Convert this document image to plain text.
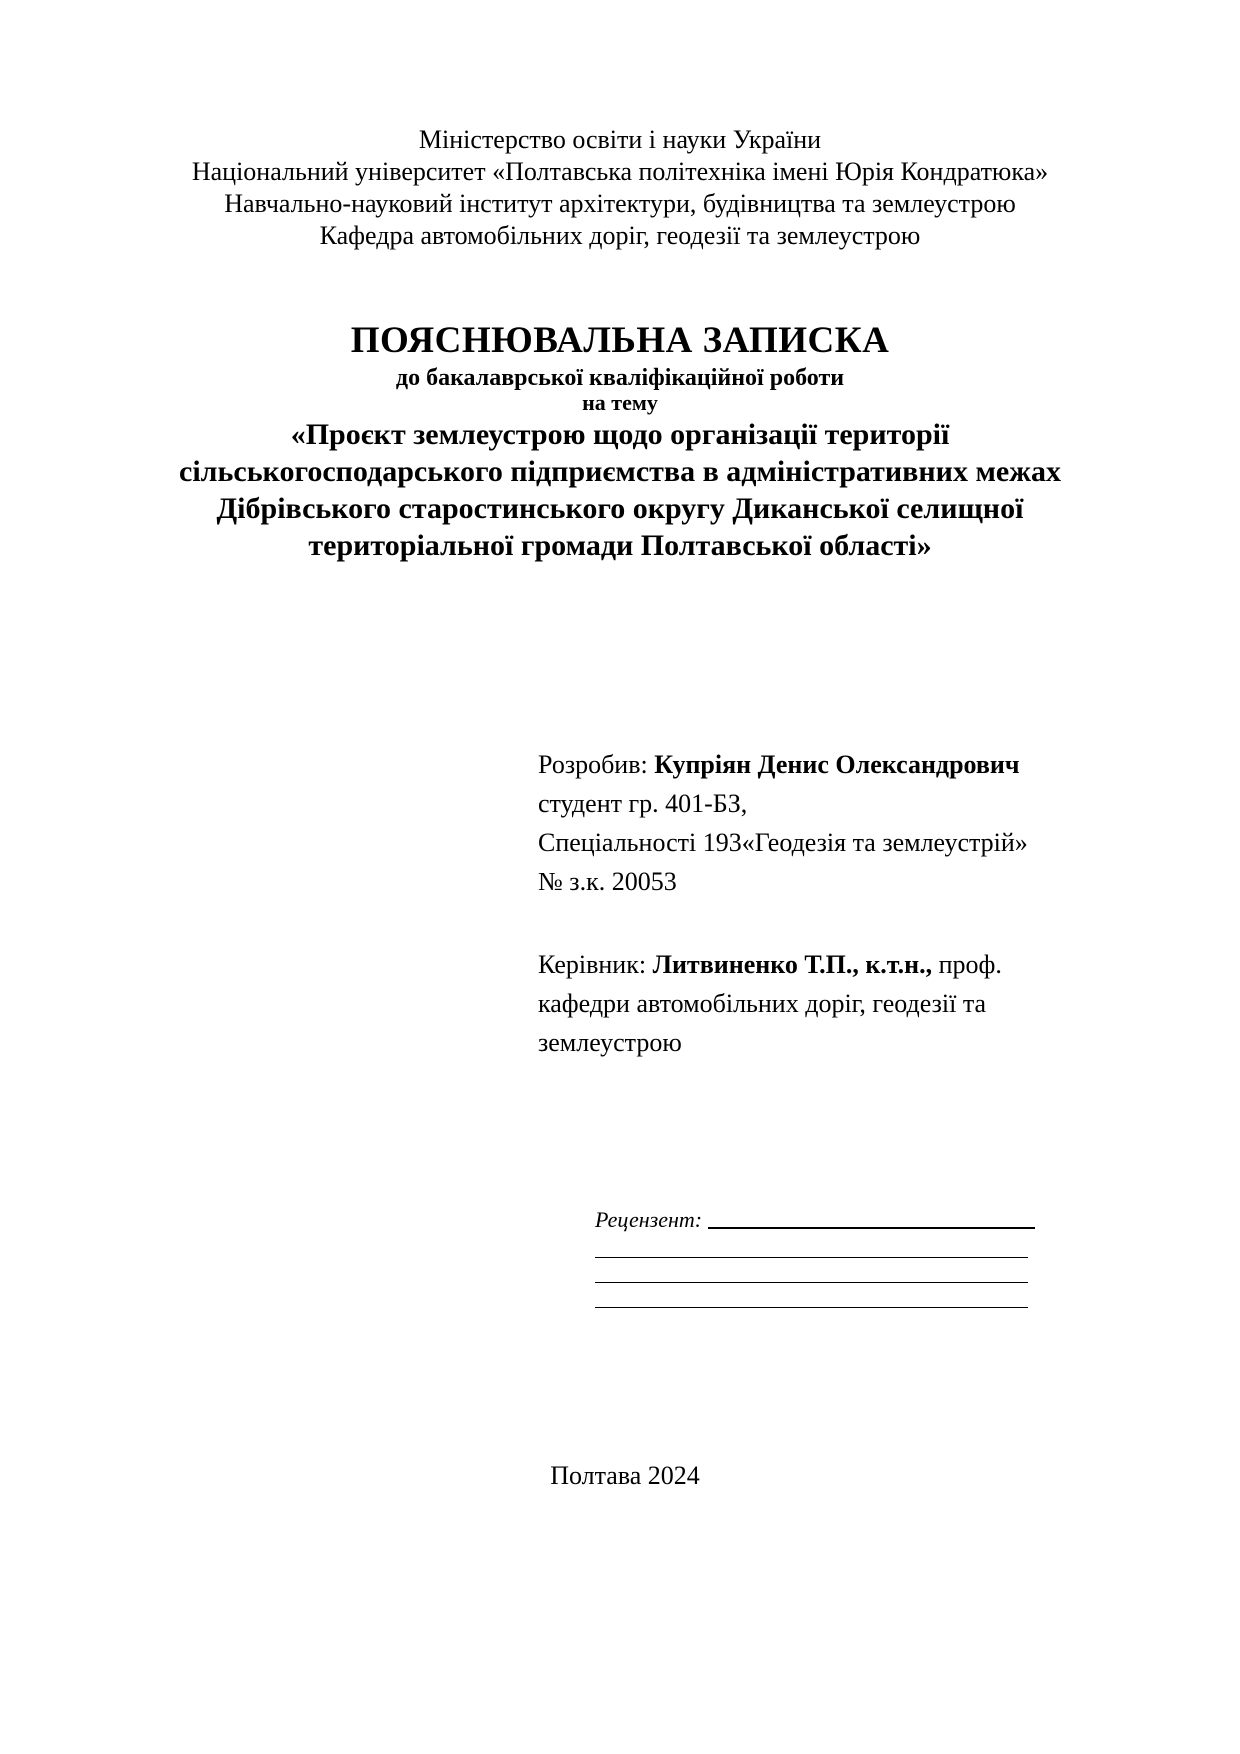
Міністерство освіти і науки України
Національний університет «Полтавська політехніка імені Юрія Кондратюка»
Навчально-науковий інститут архітектури, будівництва та землеустрою
Кафедра автомобільних доріг, геодезії та землеустрою
ПОЯСНЮВАЛЬНА ЗАПИСКА
до бакалаврської кваліфікаційної роботи
на тему
«Проєкт землеустрою щодо організації території
сільськогосподарського підприємства в адміністративних межах
Дібрівського старостинського округу Диканської селищної
територіальної громади Полтавської області»
Розробив: Купріян Денис Олександрович
студент гр. 401-БЗ,
Спеціальності 193«Геодезія та землеустрій»
№ з.к. 20053
Керівник: Литвиненко Т.П., к.т.н., проф.
кафедри автомобільних доріг, геодезії та
землеустрою
Рецензент:
Полтава 2024
